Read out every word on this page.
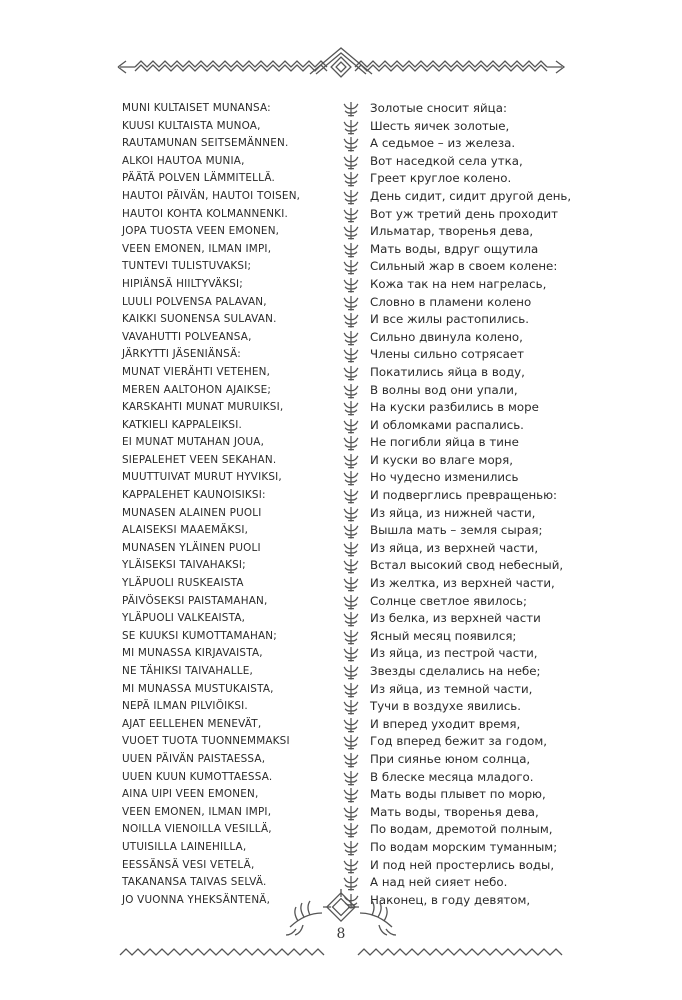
MUNI KULTAISET MUNANSA:
KUUSI KULTAISTA MUNOA,
RAUTAMUNAN SEITSEMÄNNEN.
ALKOI HAUTOA MUNIA,
PÄÄTÄ POLVEN LÄMMITELLÄ.
HAUTOI PÄIVÄN, HAUTOI TOISEN,
HAUTOI KOHTA KOLMANNENKI.
JOPA TUOSTA VEEN EMONEN,
VEEN EMONEN, ILMAN IMPI,
TUNTEVI TULISTUVAKSI;
HIPIÄNSÄ HIILTYVÄKSI;
LUULI POLVENSA PALAVAN,
KAIKKI SUONENSA SULAVAN.
VAVAHUTTI POLVEANSA,
JÄRKYTTI JÄSENIÄNSÄ:
MUNAT VIERÄHTI VETEHEN,
MEREN AALTOHON AJAIKSE;
KARSKAHTI MUNAT MURUIKSI,
KATKIELI KAPPALEIKSI.
EI MUNAT MUTAHAN JOUA,
SIEPALEHET VEEN SEKAHAN.
MUUTTUIVAT MURUT HYVIKSI,
KAPPALEHET KAUNOISIKSI:
MUNASEN ALAINEN PUOLI
ALAISEKSI MAAEMÄKSI,
MUNASEN YLÄINEN PUOLI
YLÄISEKSI TAIVAHAKSI;
YLÄPUOLI RUSKEAISTA
PÄIVÖSEKSI PAISTAMAHAN,
YLÄPUOLI VALKEAISTA,
SE KUUKSI KUMOTTAMAHAN;
MI MUNASSA KIRJAVAISTA,
NE TÄHIKSI TAIVAHALLE,
MI MUNASSA MUSTUKAISTA,
NEPÄ ILMAN PILVIÖIKSI.
AJAT EELLEHEN MENEVÄT,
VUOET TUOTA TUONNEMMAKSI
UUEN PÄIVÄN PAISTAESSA,
UUEN KUUN KUMOTTAESSA.
AINA UIPI VEEN EMONEN,
VEEN EMONEN, ILMAN IMPI,
NOILLA VIENOILLA VESILLÄ,
UTUISILLA LAINEHILLA,
EESSÄNSÄ VESI VETELÄ,
TAKANANSA TAIVAS SELVÄ.
JO VUONNA YHEKSÄNTENÄ,
Золотые сносит яйца:
Шесть яичек золотые,
А седьмое – из железа.
Вот наседкой села утка,
Греет круглое колено.
День сидит, сидит другой день,
Вот уж третий день проходит
Ильматар, творенья дева,
Мать воды, вдруг ощутила
Сильный жар в своем колене:
Кожа так на нем нагрелась,
Словно в пламени колено
И все жилы растопились.
Сильно двинула колено,
Члены сильно сотрясает
Покатились яйца в воду,
В волны вод они упали,
На куски разбились в море
И обломками распались.
Не погибли яйца в тине
И куски во влаге моря,
Но чудесно изменились
И подверглись превращенью:
Из яйца, из нижней части,
Вышла мать – земля сырая;
Из яйца, из верхней части,
Встал высокий свод небесный,
Из желтка, из верхней части,
Солнце светлое явилось;
Из белка, из верхней части
Ясный месяц появился;
Из яйца, из пестрой части,
Звезды сделались на небе;
Из яйца, из темной части,
Тучи в воздухе явились.
И вперед уходит время,
Год вперед бежит за годом,
При сиянье юном солнца,
В блеске месяца младого.
Мать воды плывет по морю,
Мать воды, творенья дева,
По водам, дремотой полным,
По водам морским туманным;
И под ней простерлись воды,
А над ней сияет небо.
Наконец, в году девятом,
8
